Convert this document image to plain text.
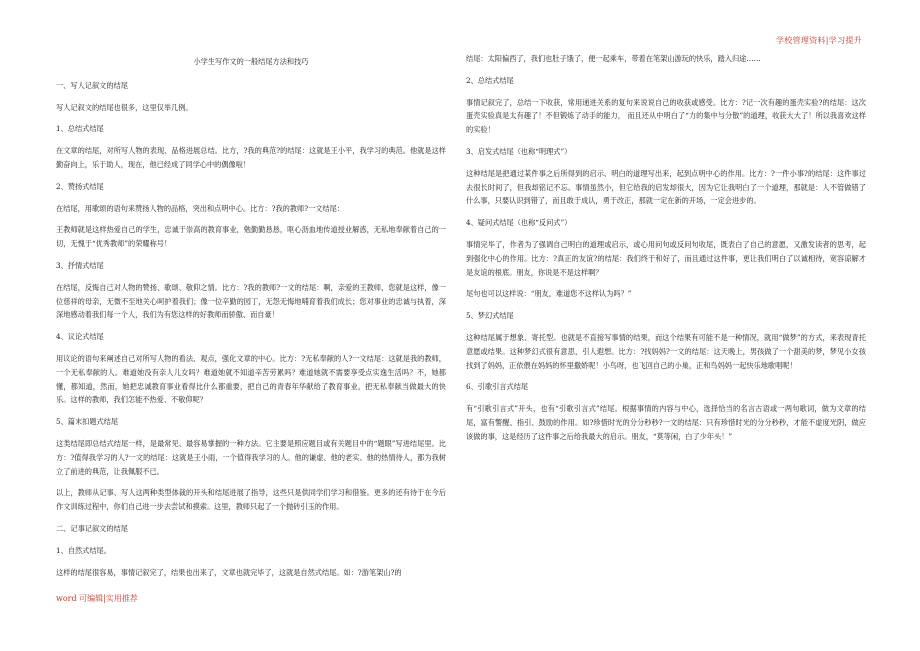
学校管理资料|学习提升

小学生写作文的一般结尾方法和技巧

一、写人记叙文的结尾

写人记叙文的结尾也很多，这里仅举几例。

1、总结式结尾

在文章的结尾，对所写人物的表现、品格进展总结。比方，?我的典范?的结尾：这就是王小平，我学习的典范。他就是这样勤奋向上，乐于助人，现在，他已经成了同学心中的偶像啦！

2、赞扬式结尾

在结尾，用歌颂的语句来赞扬人物的品格，突出和点明中心。比方：?我的教师?一文结尾：

王教师就是这样热爱自己的学生，忠诚于崇高的教育事业，勉勤勤恳恳，呕心沥血地传道授业解惑，无私地奉献着自己的一切，无愧于“优秀教师”的荣耀称号！

3、抒情式结尾

在结尾，反悔自己对人物的赞扬、歌颂、敬仰之情。比方：?我的教师?一文的结尾：啊，亲爱的王教师，您就是这样，像一位慈祥的母亲，无微不至地关心呵护着我们；像一位辛勤的园丁，无怨无悔地哺育着我们成长；您对事业的忠诚与执着，深深地感动着我们每一个人，我们为有您这样的好教师而骄傲、而自豪！

4、议论式结尾

用议论的语句来阐述自己对所写人物的看法、观点，强化文章的中心。比方：?无私奉献的人?一文结尾：这就是我的教师，一个无私奉献的人。难道她没有亲人儿女吗？难道她就不知道辛苦劳累吗？难道她就不需要享受点实逸生活吗？不，她都懂，都知道，然而，她把忠诚教育事业看得比什么都重要，把自己的青春年华献给了教育事业，把无私奉献当做最大的快乐。这样的教师，我们怎能不热爱、不敬仰呢？

5、篇末扣题式结尾

这类结尾即总结式结尾一样，是最常见、最容易掌握的一种方法。它主要是照应题目或有关题目中的“题眼”写进结尾里。比方：?值得我学习的人?一文的结尾：这就是王小雨，一个值得我学习的人。他的谦虚、他的老实、他的热情待人，都为我树立了前进的典范，让我佩服不已。

以上，教师从记事、写人这两种类型体裁的开头和结尾进展了指导，这些只是供同学们学习和借鉴。更多的还有待于在今后作文训练过程中，你们自己进一步去尝试和摸索。这里，教师只起了一个抛砖引玉的作用。

二、记事记叙文的结尾

1、自然式结尾。

这样的结尾很容易，事情记叙完了，结果也出来了，文章也就完毕了，这就是自然式结尾。如：?游笔架山?的

结尾：太阳偏西了，我们也肚子饿了，便一起乘车，带着在笔架山游玩的快乐，踏入归途……

2、总结式结尾

事情记叙完了，总结一下收获，常用递进关系的复句来说说自己的收获或感受。比方：?记一次有趣的蛋壳实验?的结尾：这次蛋壳实验真是太有趣了！不但锻炼了动手的能力， 而且还从中明白了“力的集中与分散”的道理，收获大大了！所以我喜欢这样的实验！

3、启发式结尾（也称“明理式”）

这种结尾是把通过某件事之后所得到的启示、明白的道理写出来，起到点明中心的作用。比方：?一件小事?的结尾：这件事过去很长时间了，但我却铭记不忘。事情虽然小，但它给我的启发却很大，因为它让我明白了一个道理，那就是：人不管做错了什么事，只要认识到错了，而且敢于成认，勇于改正，那就一定在新的开场，一定会进步的。

4、疑问式结尾（也称“反问式”）

事情完毕了，作者为了强调自己明白的道理或启示，或心用问句或反问句收尾，既表白了自己的意愿，又激发读者的思考，起到强化中心的作用。比方：?真正的友谊?的结尾：我们终于和好了，而且通过这件事，更让我们明白了以诚相待，宽容谅解才是友谊的根底。朋友，你说是不是这样啊？

尾句也可以这样说：“朋友，难道您不这样认为吗？”

5、梦幻式结尾

这种结尾属于想象、寄托型。也就是不直接写事情的结果，而这个结果有可能不是一种情况，就用“做梦”的方式，来表现青托意愿或结果。这种梦幻式很有意思，引人遐想。比方：?找妈妈?一文的结尾：这天晚上，男孩做了一个甜美的梦，梦见小女孩找到了妈妈，正依偎在妈妈的怀里撒娇呢！小鸟呀，也飞回自己的小巢，正和鸟妈妈一起快乐地歌唱呢！

6、引歌引言式结尾

有“引歌引言式”开头，也有“引歌引言式”结尾。根据事情的内容与中心，选择恰当的名言古语或一两句歌词，做为文章的结尾，富有警醒、指引、鼓励的作用。如?珍惜时光的分分秒秒?一文的结尾：只有珍惜时光的分分秒秒，才能不虚度光阴，做应该做的事，这是经历了这件事之后给我最大的启示。朋友，“莫等闲，白了少年头！”

word 可编辑|实用推荐
